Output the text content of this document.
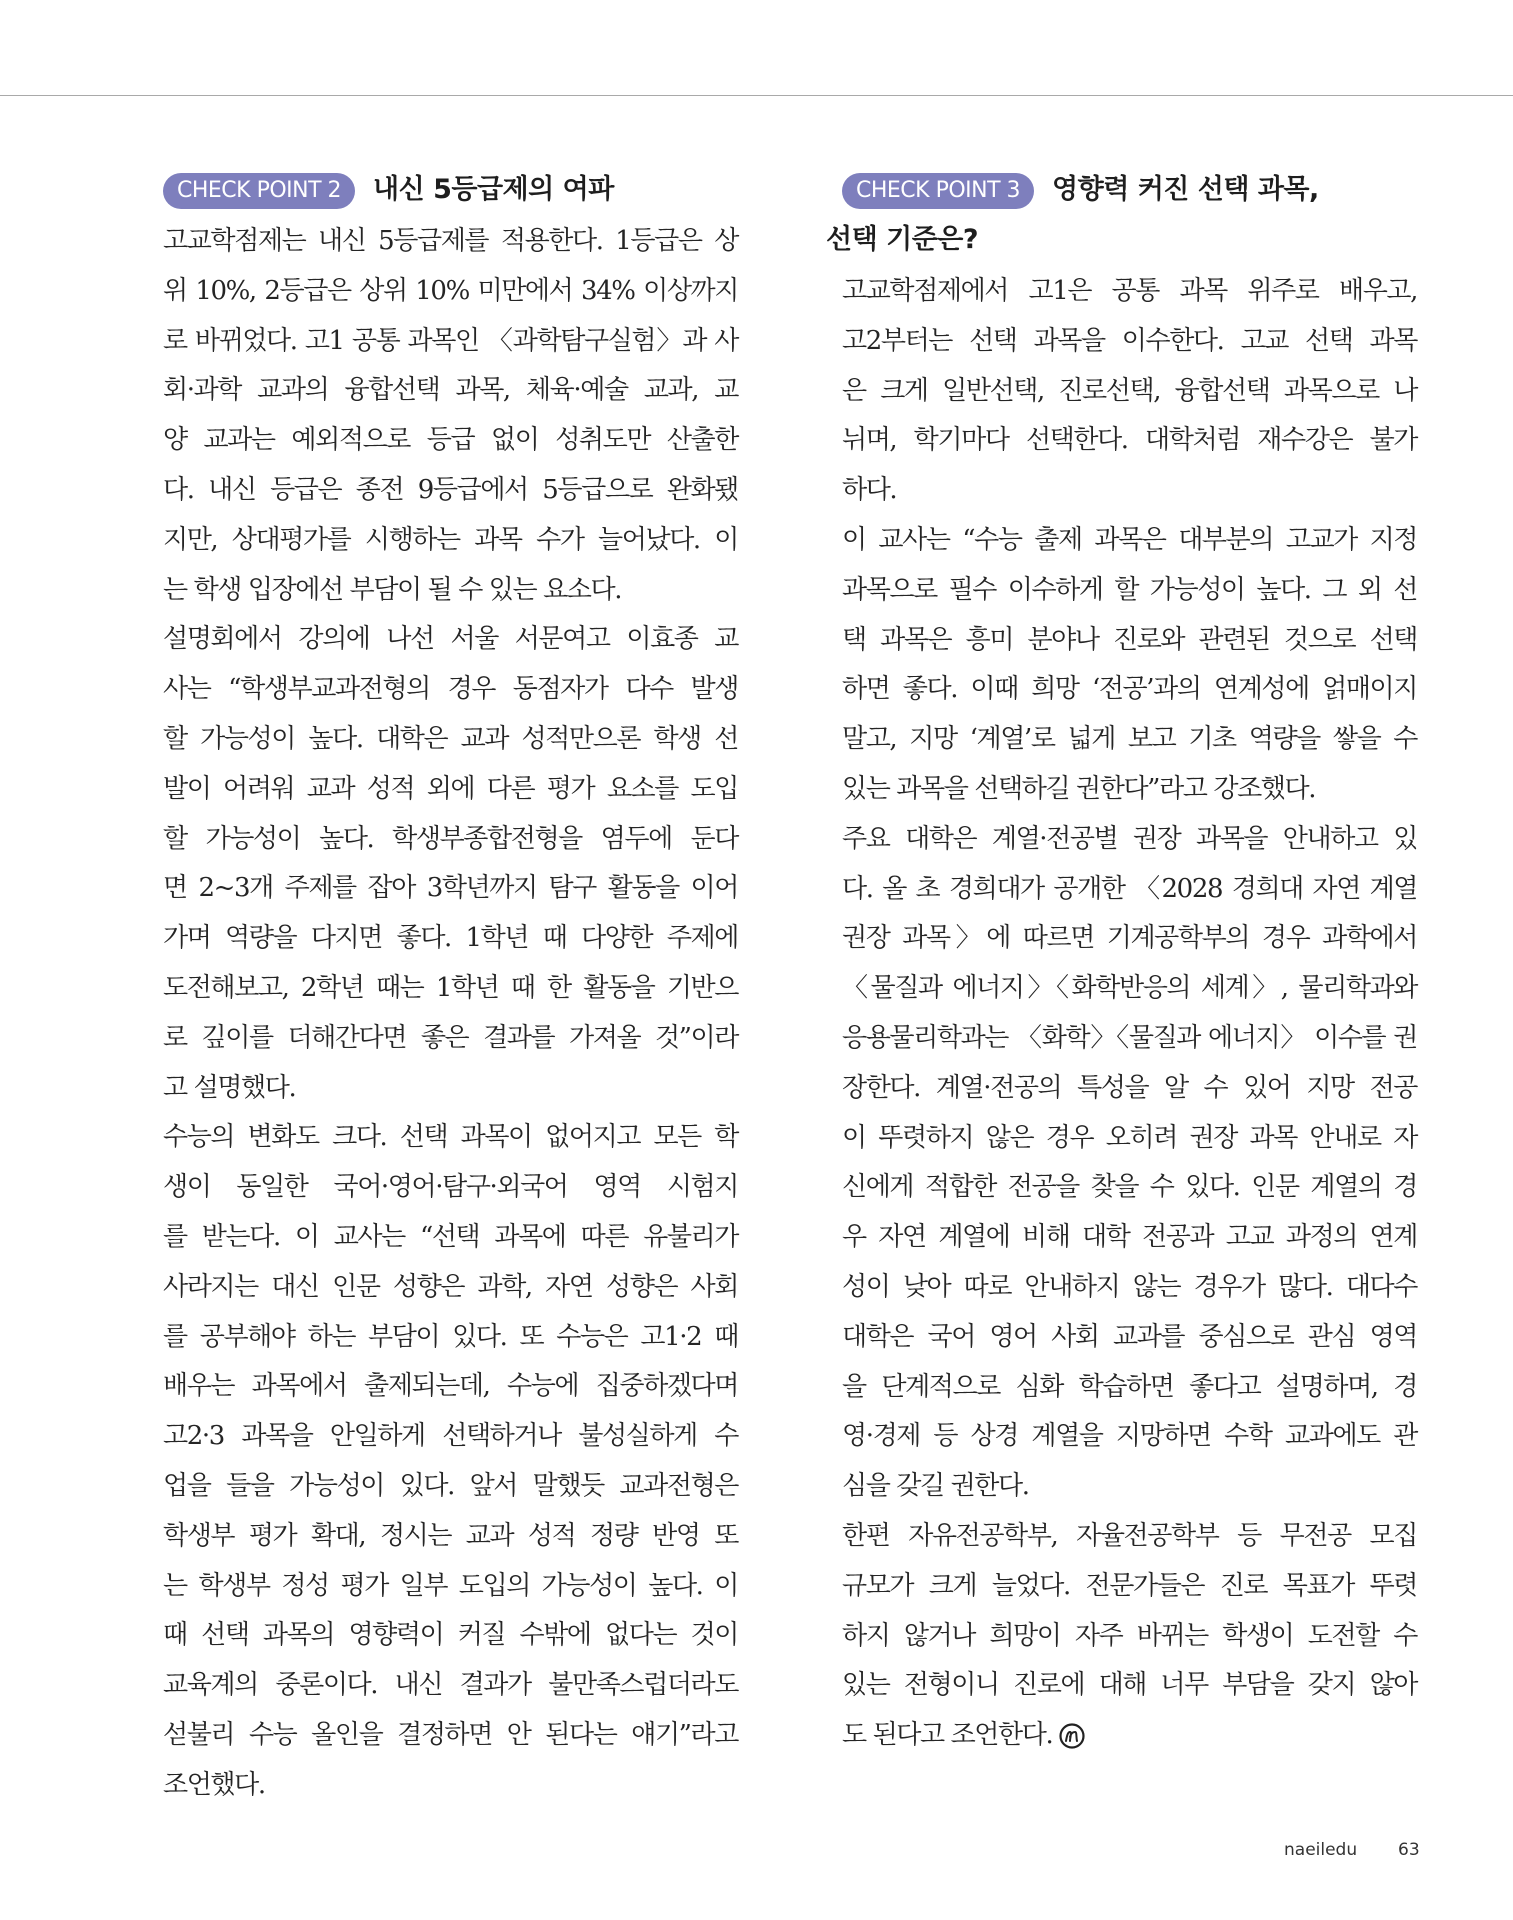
CHECK POINT 2	내신 5등급제의 여파
고교학점제는 내신 5등급제를 적용한다. 1등급은 상
위 10%, 2등급은 상위 10% 미만에서 34% 이상까지
로 바뀌었다. 고1 공통 과목인 〈과학탐구실험〉과 사
회·과학 교과의 융합선택 과목, 체육·예술 교과, 교
양 교과는 예외적으로 등급 없이 성취도만 산출한
다. 내신 등급은 종전 9등급에서 5등급으로 완화됐
지만, 상대평가를 시행하는 과목 수가 늘어났다. 이
는 학생 입장에선 부담이 될 수 있는 요소다.
설명회에서 강의에 나선 서울 서문여고 이효종 교
사는 “학생부교과전형의 경우 동점자가 다수 발생
할 가능성이 높다. 대학은 교과 성적만으론 학생 선
발이 어려워 교과 성적 외에 다른 평가 요소를 도입
할 가능성이 높다. 학생부종합전형을 염두에 둔다
면 2~3개 주제를 잡아 3학년까지 탐구 활동을 이어
가며 역량을 다지면 좋다. 1학년 때 다양한 주제에
도전해보고, 2학년 때는 1학년 때 한 활동을 기반으
로 깊이를 더해간다면 좋은 결과를 가져올 것”이라
고 설명했다.
수능의 변화도 크다. 선택 과목이 없어지고 모든 학
생이 동일한 국어·영어·탐구·외국어 영역 시험지
를 받는다. 이 교사는 “선택 과목에 따른 유불리가
사라지는 대신 인문 성향은 과학, 자연 성향은 사회
를 공부해야 하는 부담이 있다. 또 수능은 고1·2 때
배우는 과목에서 출제되는데, 수능에 집중하겠다며
고2·3 과목을 안일하게 선택하거나 불성실하게 수
업을 들을 가능성이 있다. 앞서 말했듯 교과전형은
학생부 평가 확대, 정시는 교과 성적 정량 반영 또
는 학생부 정성 평가 일부 도입의 가능성이 높다. 이
때 선택 과목의 영향력이 커질 수밖에 없다는 것이
교육계의 중론이다. 내신 결과가 불만족스럽더라도
섣불리 수능 올인을 결정하면 안 된다는 얘기”라고
조언했다.
CHECK POINT 3	영향력 커진 선택 과목,
선택 기준은?
고교학점제에서 고1은 공통 과목 위주로 배우고,
고2부터는 선택 과목을 이수한다. 고교 선택 과목
은 크게 일반선택, 진로선택, 융합선택 과목으로 나
뉘며, 학기마다 선택한다. 대학처럼 재수강은 불가
하다.
이 교사는 “수능 출제 과목은 대부분의 고교가 지정
과목으로 필수 이수하게 할 가능성이 높다. 그 외 선
택 과목은 흥미 분야나 진로와 관련된 것으로 선택
하면 좋다. 이때 희망 ‘전공’과의 연계성에 얽매이지
말고, 지망 ‘계열’로 넓게 보고 기초 역량을 쌓을 수
있는 과목을 선택하길 권한다”라고 강조했다.
주요 대학은 계열·전공별 권장 과목을 안내하고 있
다. 올 초 경희대가 공개한 〈2028 경희대 자연 계열
권장 과목〉에 따르면 기계공학부의 경우 과학에서
〈물질과 에너지〉〈화학반응의 세계〉, 물리학과와
응용물리학과는 〈화학〉〈물질과 에너지〉 이수를 권
장한다. 계열·전공의 특성을 알 수 있어 지망 전공
이 뚜렷하지 않은 경우 오히려 권장 과목 안내로 자
신에게 적합한 전공을 찾을 수 있다. 인문 계열의 경
우 자연 계열에 비해 대학 전공과 고교 과정의 연계
성이 낮아 따로 안내하지 않는 경우가 많다. 대다수
대학은 국어 영어 사회 교과를 중심으로 관심 영역
을 단계적으로 심화 학습하면 좋다고 설명하며, 경
영·경제 등 상경 계열을 지망하면 수학 교과에도 관
심을 갖길 권한다.
한편 자유전공학부, 자율전공학부 등 무전공 모집
규모가 크게 늘었다. 전문가들은 진로 목표가 뚜렷
하지 않거나 희망이 자주 바뀌는 학생이 도전할 수
있는 전형이니 진로에 대해 너무 부담을 갖지 않아
도 된다고 조언한다.
naeiledu 63
